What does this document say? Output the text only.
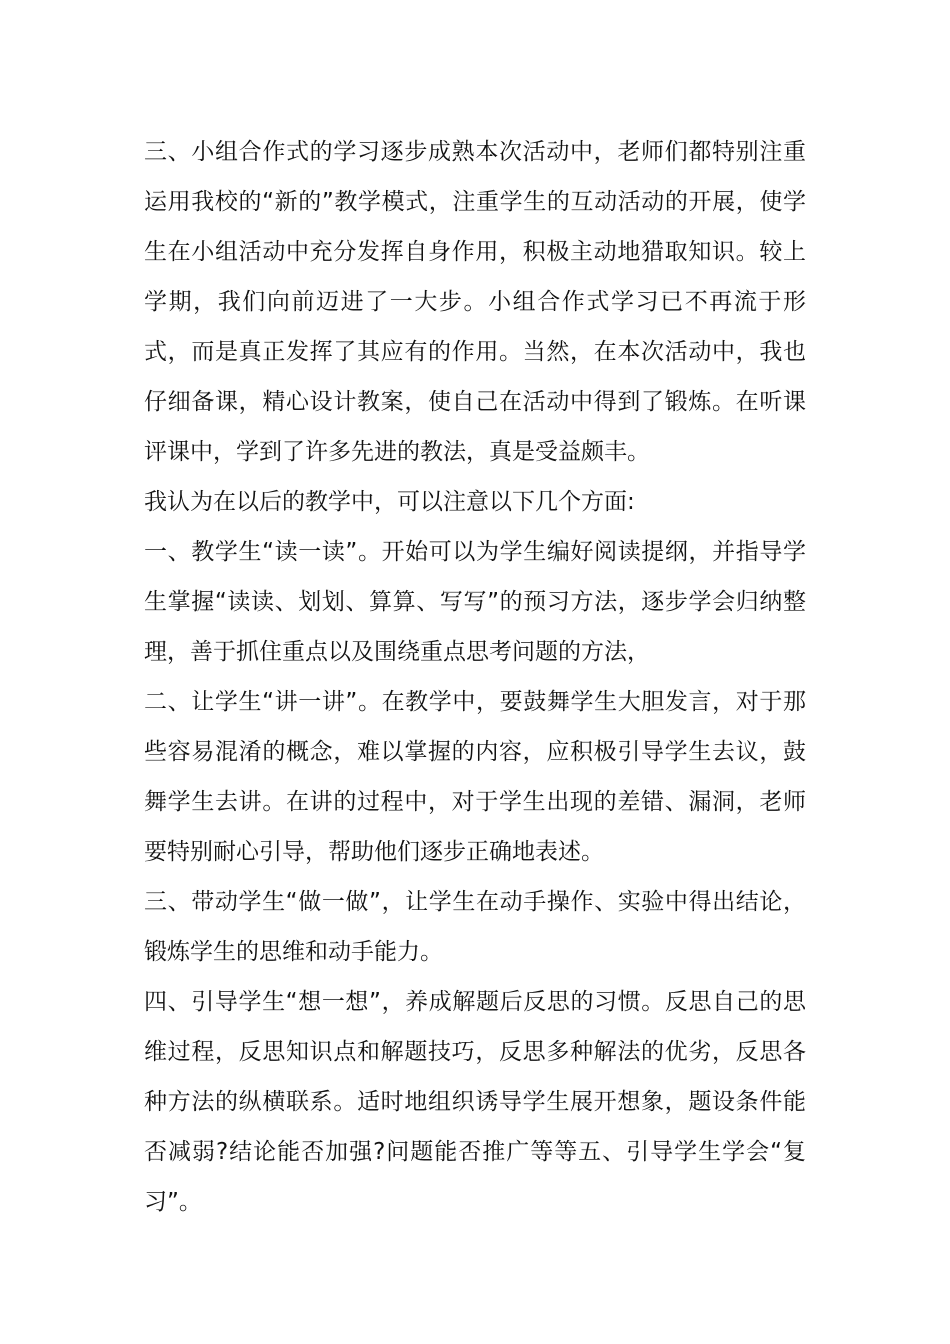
三、小组合作式的学习逐步成熟本次活动中，老师们都特别注重运用我校的“新的”教学模式，注重学生的互动活动的开展，使学生在小组活动中充分发挥自身作用，积极主动地猎取知识。较上学期，我们向前迈进了一大步。小组合作式学习已不再流于形式，而是真正发挥了其应有的作用。当然，在本次活动中，我也仔细备课，精心设计教案，使自己在活动中得到了锻炼。在听课评课中，学到了许多先进的教法，真是受益颇丰。

我认为在以后的教学中，可以注意以下几个方面:

一、教学生“读一读”。开始可以为学生编好阅读提纲，并指导学生掌握“读读、划划、算算、写写”的预习方法，逐步学会归纳整理，善于抓住重点以及围绕重点思考问题的方法，

二、让学生“讲一讲”。在教学中，要鼓舞学生大胆发言，对于那些容易混淆的概念，难以掌握的内容，应积极引导学生去议，鼓舞学生去讲。在讲的过程中，对于学生出现的差错、漏洞，老师要特别耐心引导，帮助他们逐步正确地表述。

三、带动学生“做一做”，让学生在动手操作、实验中得出结论，锻炼学生的思维和动手能力。

四、引导学生“想一想”，养成解题后反思的习惯。反思自己的思维过程，反思知识点和解题技巧，反思多种解法的优劣，反思各种方法的纵横联系。适时地组织诱导学生展开想象，题设条件能否减弱?结论能否加强?问题能否推广等等五、引导学生学会“复习”。
